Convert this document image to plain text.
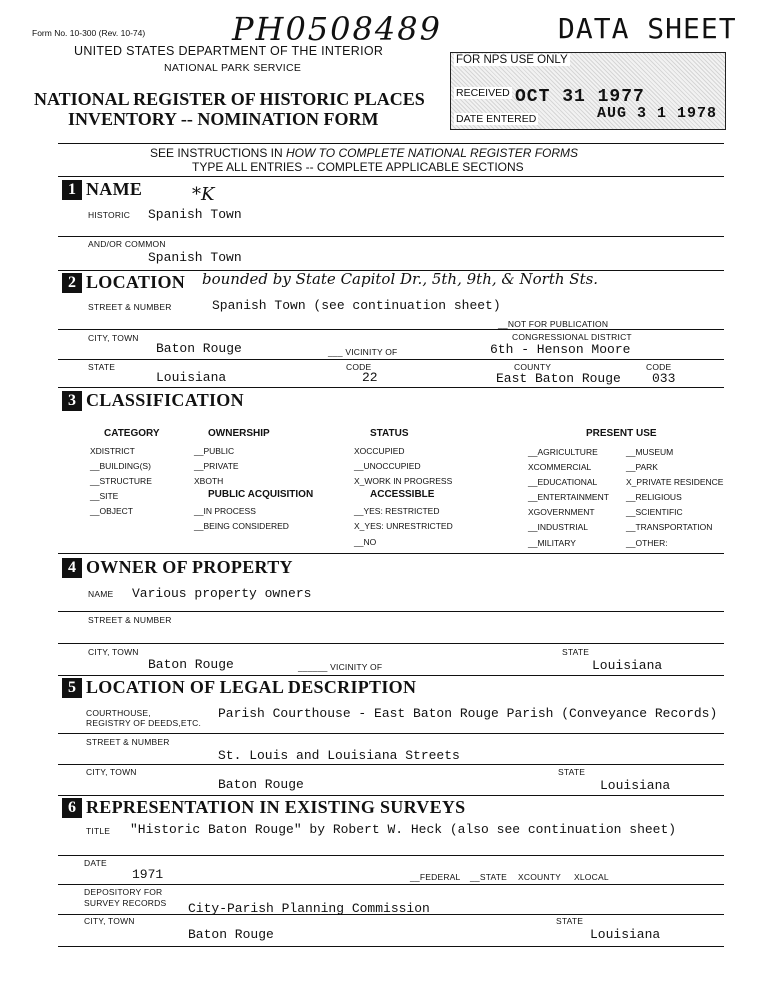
Form No. 10-300 (Rev. 10-74)	PH0508489	DATA SHEET
UNITED STATES DEPARTMENT OF THE INTERIOR
NATIONAL PARK SERVICE
NATIONAL REGISTER OF HISTORIC PLACES
INVENTORY -- NOMINATION FORM
FOR NPS USE ONLY
RECEIVED OCT 31 1977
DATE ENTERED	AUG 3 1 1978
SEE INSTRUCTIONS IN HOW TO COMPLETE NATIONAL REGISTER FORMS
TYPE ALL ENTRIES -- COMPLETE APPLICABLE SECTIONS
1 NAME	*K
HISTORIC Spanish Town
AND/OR COMMON
Spanish Town
2 LOCATION bounded by State Capitol Dr., 5th, 9th, & North Sts.
STREET & NUMBER	Spanish Town (see continuation sheet)
__NOT FOR PUBLICATION
CITY, TOWN	CONGRESSIONAL DISTRICT
Baton Rouge	___ VICINITY OF	6th - Henson Moore
STATE	CODE	COUNTY	CODE
Louisiana	22	East Baton Rouge 033
3 CLASSIFICATION
CATEGORY	OWNERSHIP	STATUS	PRESENT USE
XDISTRICT
__BUILDING(S)
__STRUCTURE
__SITE
__OBJECT
__PUBLIC
__PRIVATE
XBOTH
PUBLIC ACQUISITION
__IN PROCESS
__BEING CONSIDERED
XOCCUPIED
__UNOCCUPIED
X_WORK IN PROGRESS
ACCESSIBLE
__YES: RESTRICTED
X_YES: UNRESTRICTED
__NO
__AGRICULTURE
XCOMMERCIAL
__EDUCATIONAL
__ENTERTAINMENT
XGOVERNMENT
__INDUSTRIAL
__MILITARY
__MUSEUM
__PARK
X_PRIVATE RESIDENCE
__RELIGIOUS
__SCIENTIFIC
__TRANSPORTATION
__OTHER:
4 OWNER OF PROPERTY
NAME Various property owners
STREET & NUMBER
CITY, TOWN	STATE
Baton Rouge	______ VICINITY OF	Louisiana
5 LOCATION OF LEGAL DESCRIPTION
COURTHOUSE,
REGISTRY OF DEEDS,ETC.
Parish Courthouse - East Baton Rouge Parish (Conveyance Records)
STREET & NUMBER
St. Louis and Louisiana Streets
CITY, TOWN	STATE
Baton Rouge	Louisiana
6 REPRESENTATION IN EXISTING SURVEYS
TITLE "Historic Baton Rouge" by Robert W. Heck (also see continuation sheet)
DATE
1971	__FEDERAL __STATE XCOUNTY XLOCAL
DEPOSITORY FOR
SURVEY RECORDS City-Parish Planning Commission
CITY, TOWN	STATE
Baton Rouge	Louisiana
